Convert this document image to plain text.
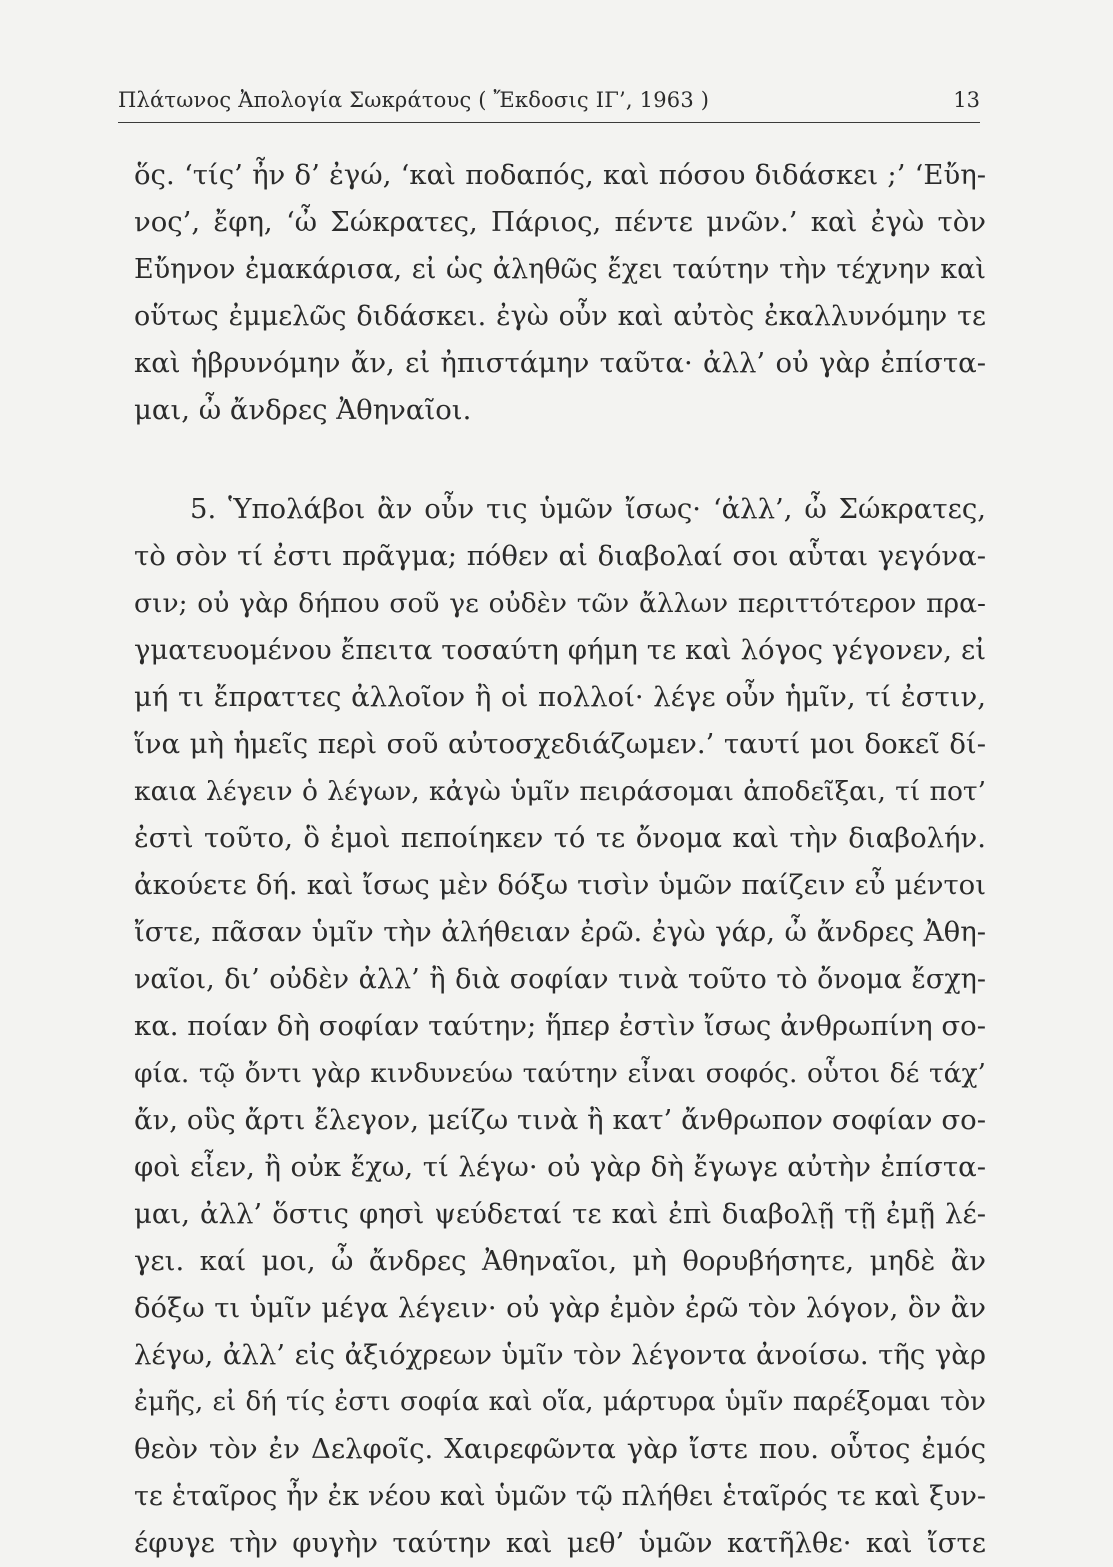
Πλάτωνος Ἀπολογία Σωκράτους ( Ἔκδοσις ΙΓ’, 1963 )	13
ὅς. ‘τίς’ ἦν δ’ ἐγώ, ‘καὶ ποδαπός, καὶ πόσου διδάσκει ;’ ‘Εὔη-
νος’, ἔφη, ‘ὦ Σώκρατες, Πάριος, πέντε μνῶν.’ καὶ ἐγὼ τὸν
Εὔηνον ἐμακάρισα, εἰ ὡς ἀληθῶς ἔχει ταύτην τὴν τέχνην καὶ
οὕτως ἐμμελῶς διδάσκει. ἐγὼ οὖν καὶ αὐτὸς ἐκαλλυνόμην τε
καὶ ἡβρυνόμην ἄν, εἰ ἠπιστάμην ταῦτα· ἀλλ’ οὐ γὰρ ἐπίστα-
μαι, ὦ ἄνδρες Ἀθηναῖοι.
5. Ὑπολάβοι ἂν οὖν τις ὑμῶν ἴσως· ‘ἀλλ’, ὦ Σώκρατες,
τὸ σὸν τί ἐστι πρᾶγμα; πόθεν αἱ διαβολαί σοι αὗται γεγόνα-
σιν; οὐ γὰρ δήπου σοῦ γε οὐδὲν τῶν ἄλλων περιττότερον πρα-
γματευομένου ἔπειτα τοσαύτη φήμη τε καὶ λόγος γέγονεν, εἰ
μή τι ἔπραττες ἀλλοῖον ἢ οἱ πολλοί· λέγε οὖν ἡμῖν, τί ἐστιν,
ἵνα μὴ ἡμεῖς περὶ σοῦ αὐτοσχεδιάζωμεν.’ ταυτί μοι δοκεῖ δί-
καια λέγειν ὁ λέγων, κἀγὼ ὑμῖν πειράσομαι ἀποδεῖξαι, τί ποτ’
ἐστὶ τοῦτο, ὃ ἐμοὶ πεποίηκεν τό τε ὄνομα καὶ τὴν διαβολήν.
ἀκούετε δή. καὶ ἴσως μὲν δόξω τισὶν ὑμῶν παίζειν εὖ μέντοι
ἴστε, πᾶσαν ὑμῖν τὴν ἀλήθειαν ἐρῶ. ἐγὼ γάρ, ὦ ἄνδρες Ἀθη-
ναῖοι, δι’ οὐδὲν ἀλλ’ ἢ διὰ σοφίαν τινὰ τοῦτο τὸ ὄνομα ἔσχη-
κα. ποίαν δὴ σοφίαν ταύτην; ἥπερ ἐστὶν ἴσως ἀνθρωπίνη σο-
φία. τῷ ὄντι γὰρ κινδυνεύω ταύτην εἶναι σοφός. οὗτοι δέ τάχ’
ἄν, οὓς ἄρτι ἔλεγον, μείζω τινὰ ἢ κατ’ ἄνθρωπον σοφίαν σο-
φοὶ εἶεν, ἢ οὐκ ἔχω, τί λέγω· οὐ γὰρ δὴ ἔγωγε αὐτὴν ἐπίστα-
μαι, ἀλλ’ ὅστις φησὶ ψεύδεταί τε καὶ ἐπὶ διαβολῇ τῇ ἐμῇ λέ-
γει. καί μοι, ὦ ἄνδρες Ἀθηναῖοι, μὴ θορυβήσητε, μηδὲ ἂν
δόξω τι ὑμῖν μέγα λέγειν· οὐ γὰρ ἐμὸν ἐρῶ τὸν λόγον, ὃν ἂν
λέγω, ἀλλ’ εἰς ἀξιόχρεων ὑμῖν τὸν λέγοντα ἀνοίσω. τῆς γὰρ
ἐμῆς, εἰ δή τίς ἐστι σοφία καὶ οἵα, μάρτυρα ὑμῖν παρέξομαι τὸν
θεὸν τὸν ἐν Δελφοῖς. Χαιρεφῶντα γὰρ ἴστε που. οὗτος ἐμός
τε ἑταῖρος ἦν ἐκ νέου καὶ ὑμῶν τῷ πλήθει ἑταῖρός τε καὶ ξυν-
έφυγε τὴν φυγὴν ταύτην καὶ μεθ’ ὑμῶν κατῆλθε· καὶ ἴστε
